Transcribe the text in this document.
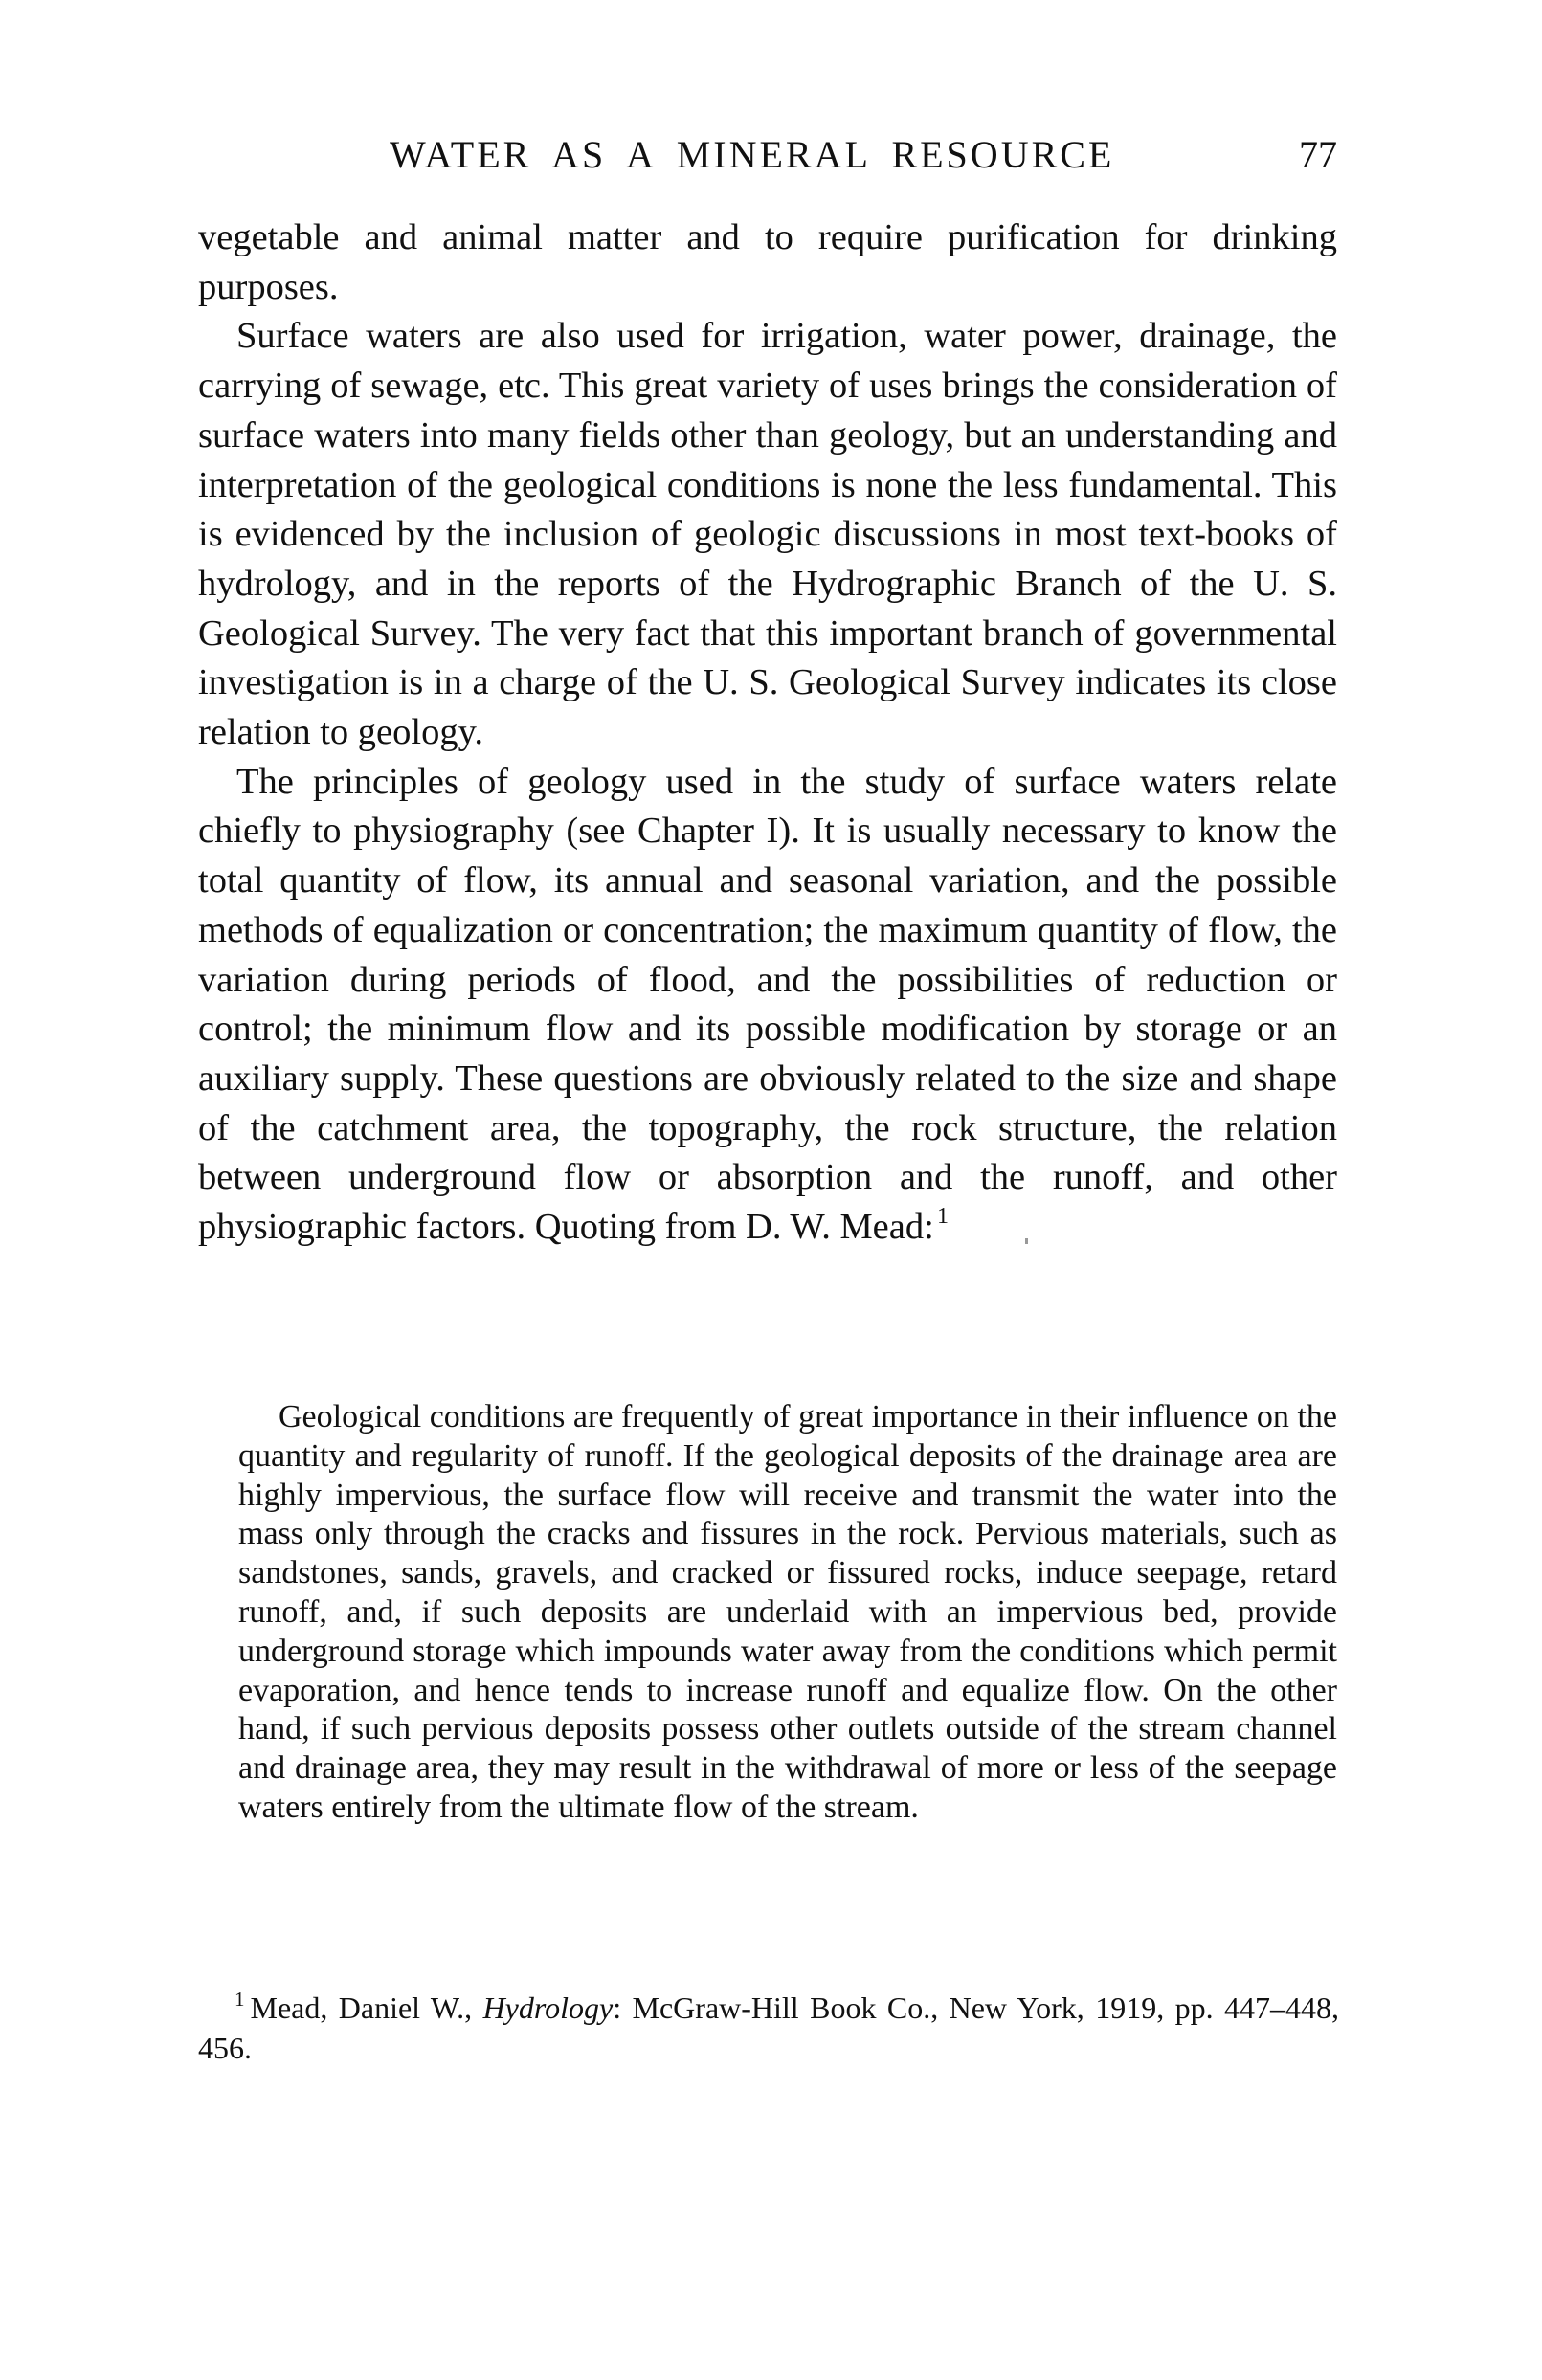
WATER AS A MINERAL RESOURCE	77

vegetable and animal matter and to require purification for drinking purposes.

Surface waters are also used for irrigation, water power, drainage, the carrying of sewage, etc. This great variety of uses brings the consideration of surface waters into many fields other than geology, but an understanding and interpretation of the geological conditions is none the less fundamental. This is evidenced by the inclusion of geologic discussions in most text-books of hydrology, and in the reports of the Hydrographic Branch of the U. S. Geological Survey. The very fact that this important branch of governmental investigation is in a charge of the U. S. Geological Survey indicates its close relation to geology.

The principles of geology used in the study of surface waters relate chiefly to physiography (see Chapter I). It is usually necessary to know the total quantity of flow, its annual and seasonal variation, and the possible methods of equalization or concentration; the maximum quantity of flow, the variation during periods of flood, and the possibilities of reduction or control; the minimum flow and its possible modification by storage or an auxiliary supply. These questions are obviously related to the size and shape of the catchment area, the topography, the rock structure, the relation between underground flow or absorption and the runoff, and other physiographic factors. Quoting from D. W. Mead:  $^1$

Geological conditions are frequently of great importance in their influence on the quantity and regularity of runoff. If the geological deposits of the drainage area are highly impervious, the surface flow will receive and transmit the water into the mass only through the cracks and fissures in the rock. Pervious materials, such as sandstones, sands, gravels, and cracked or fissured rocks, induce seepage, retard runoff, and, if such deposits are underlaid with an impervious bed, provide underground storage which impounds water away from the conditions which permit evaporation, and hence tends to increase runoff and equalize flow. On the other hand, if such pervious deposits possess other outlets outside of the stream channel and drainage area, they may result in the withdrawal of more or less of the seepage waters entirely from the ultimate flow of the stream.

$^1$ Mead, Daniel W., Hydrology: McGraw-Hill Book Co., New York, 1919, pp. 447–448, 456.
